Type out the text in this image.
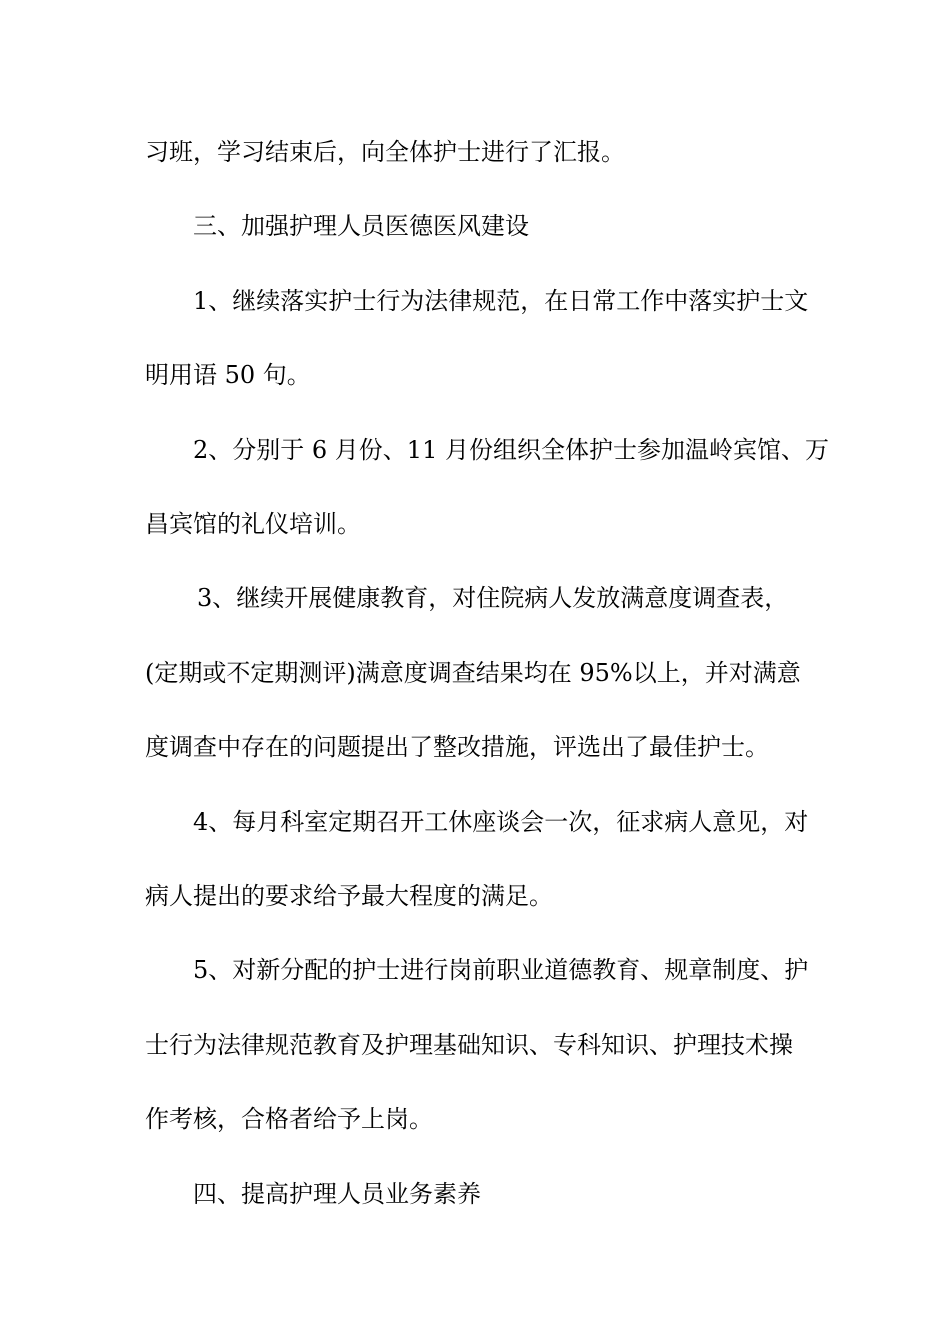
习班，学习结束后，向全体护士进行了汇报。
三、加强护理人员医德医风建设
1、继续落实护士行为法律规范，在日常工作中落实护士文
明用语 50 句。
2、分别于 6 月份、11 月份组织全体护士参加温岭宾馆、万
昌宾馆的礼仪培训。
3、继续开展健康教育，对住院病人发放满意度调查表，
(定期或不定期测评)满意度调查结果均在 95%以上，并对满意
度调查中存在的问题提出了整改措施，评选出了最佳护士。
4、每月科室定期召开工休座谈会一次，征求病人意见，对
病人提出的要求给予最大程度的满足。
5、对新分配的护士进行岗前职业道德教育、规章制度、护
士行为法律规范教育及护理基础知识、专科知识、护理技术操
作考核，合格者给予上岗。
四、提高护理人员业务素养
